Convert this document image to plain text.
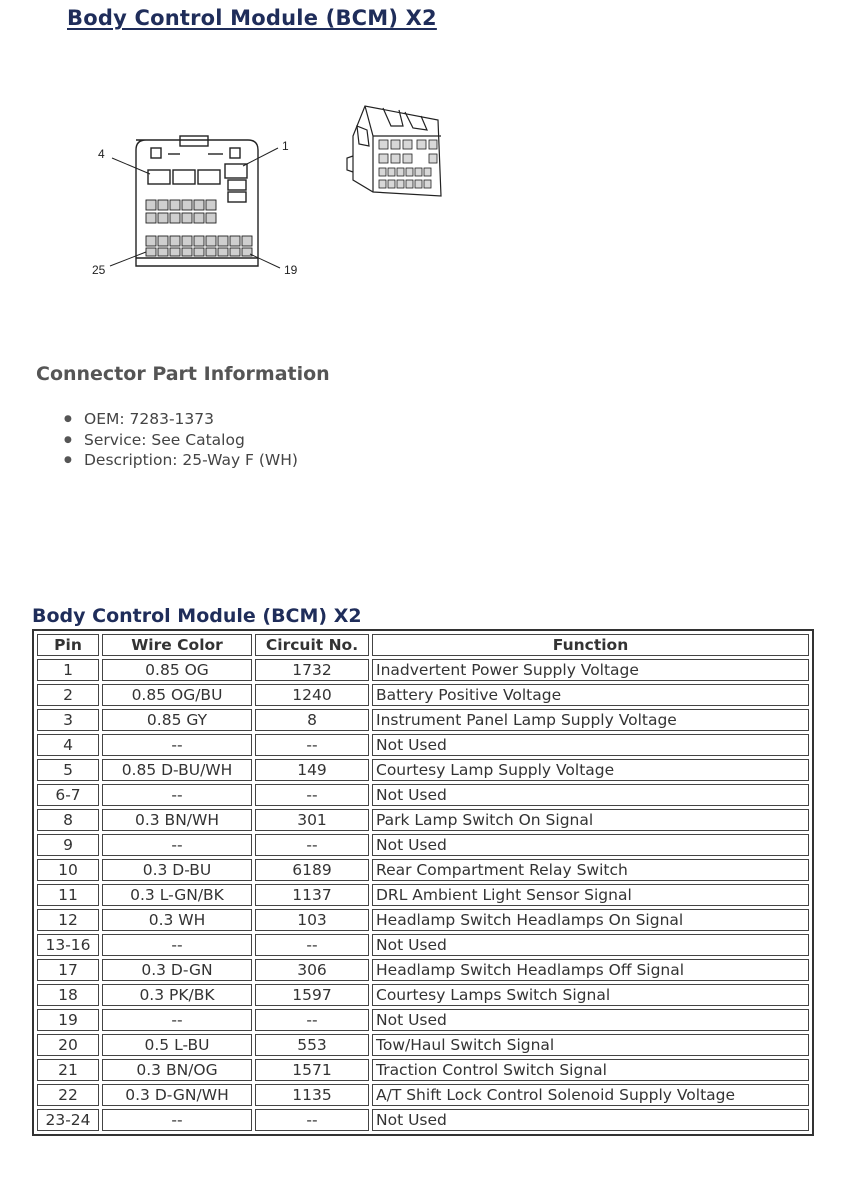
Body Control Module (BCM) X2
4
1
25	19
Connector Part Information
● OEM: 7283-1373
● Service: See Catalog
● Description: 25-Way F (WH)
Body Control Module (BCM) X2
Pin	Wire Color	Circuit No.	Function
1	0.85 OG	1732	Inadvertent Power Supply Voltage
2	0.85 OG/BU	1240	Battery Positive Voltage
3	0.85 GY	8	Instrument Panel Lamp Supply Voltage
4	--	--	Not Used
5	0.85 D-BU/WH	149	Courtesy Lamp Supply Voltage
6-7	--	--	Not Used
8	0.3 BN/WH	301	Park Lamp Switch On Signal
9	--	--	Not Used
10	0.3 D-BU	6189	Rear Compartment Relay Switch
11	0.3 L-GN/BK	1137	DRL Ambient Light Sensor Signal
12	0.3 WH	103	Headlamp Switch Headlamps On Signal
13-16	--	--	Not Used
17	0.3 D-GN	306	Headlamp Switch Headlamps Off Signal
18	0.3 PK/BK	1597	Courtesy Lamps Switch Signal
19	--	--	Not Used
20	0.5 L-BU	553	Tow/Haul Switch Signal
21	0.3 BN/OG	1571	Traction Control Switch Signal
22	0.3 D-GN/WH	1135	A/T Shift Lock Control Solenoid Supply Voltage
23-24	--	--	Not Used
